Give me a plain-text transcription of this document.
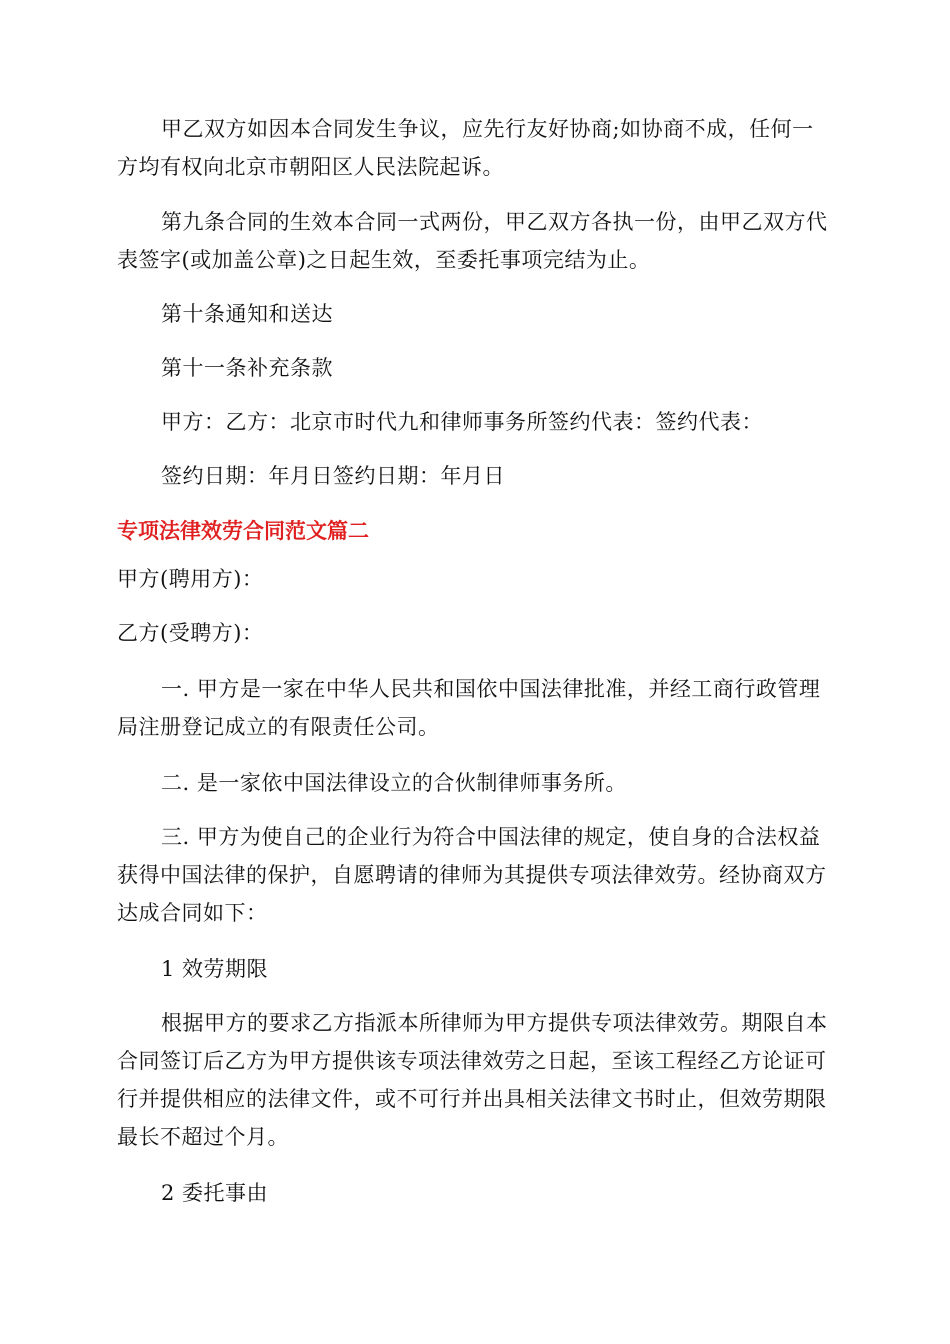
甲乙双方如因本合同发生争议，应先行友好协商;如协商不成，任何一方均有权向北京市朝阳区人民法院起诉。

第九条合同的生效本合同一式两份，甲乙双方各执一份，由甲乙双方代表签字(或加盖公章)之日起生效，至委托事项完结为止。

第十条通知和送达

第十一条补充条款

甲方：乙方：北京市时代九和律师事务所签约代表：签约代表：

签约日期：年月日签约日期：年月日

专项法律效劳合同范文篇二

甲方(聘用方)：

乙方(受聘方)：

一. 甲方是一家在中华人民共和国依中国法律批准，并经工商行政管理局注册登记成立的有限责任公司。

二. 是一家依中国法律设立的合伙制律师事务所。

三. 甲方为使自己的企业行为符合中国法律的规定，使自身的合法权益获得中国法律的保护，自愿聘请的律师为其提供专项法律效劳。经协商双方达成合同如下：

1 效劳期限

根据甲方的要求乙方指派本所律师为甲方提供专项法律效劳。期限自本合同签订后乙方为甲方提供该专项法律效劳之日起，至该工程经乙方论证可行并提供相应的法律文件，或不可行并出具相关法律文书时止，但效劳期限最长不超过个月。

2 委托事由
